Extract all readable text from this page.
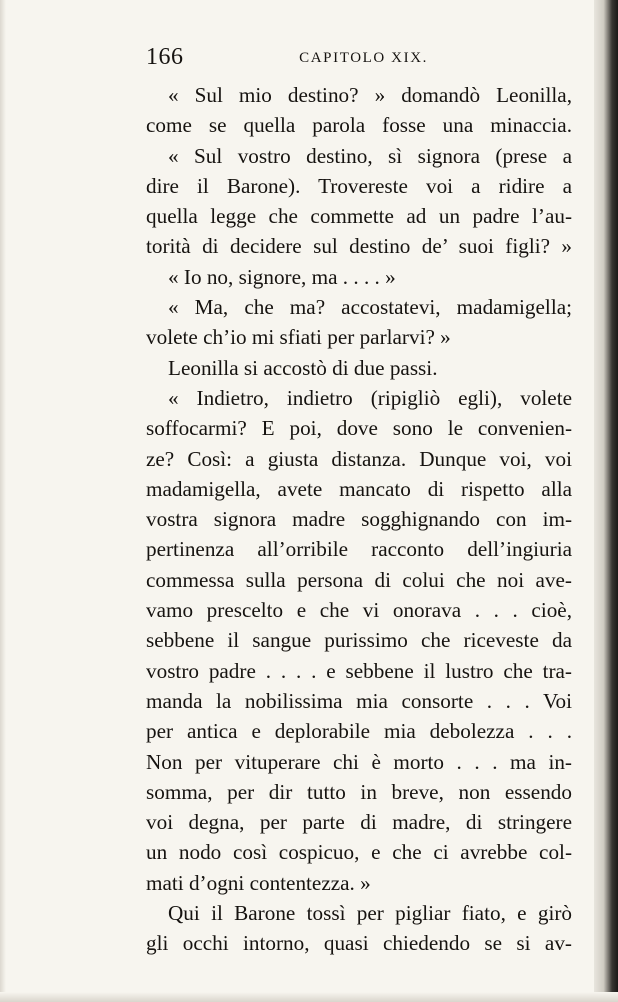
166	CAPITOLO XIX.
« Sul mio destino? » domandò Leonilla,
come se quella parola fosse una minaccia.
« Sul vostro destino, sì signora (prese a
dire il Barone). Trovereste voi a ridire a
quella legge che commette ad un padre l’au-
torità di decidere sul destino de’ suoi figli? »
« Io no, signore, ma . . . . »
« Ma, che ma? accostatevi, madamigella;
volete ch’io mi sfiati per parlarvi? »
Leonilla si accostò di due passi.
« Indietro, indietro (ripigliò egli), volete
soffocarmi? E poi, dove sono le convenien-
ze? Così: a giusta distanza. Dunque voi, voi
madamigella, avete mancato di rispetto alla
vostra signora madre sogghignando con im-
pertinenza all’orribile racconto dell’ingiuria
commessa sulla persona di colui che noi ave-
vamo prescelto e che vi onorava . . . cioè,
sebbene il sangue purissimo che riceveste da
vostro padre . . . . e sebbene il lustro che tra-
manda la nobilissima mia consorte . . . Voi
per antica e deplorabile mia debolezza . . .
Non per vituperare chi è morto . . . ma in-
somma, per dir tutto in breve, non essendo
voi degna, per parte di madre, di stringere
un nodo così cospicuo, e che ci avrebbe col-
mati d’ogni contentezza. »
Qui il Barone tossì per pigliar fiato, e girò
gli occhi intorno, quasi chiedendo se si av-
